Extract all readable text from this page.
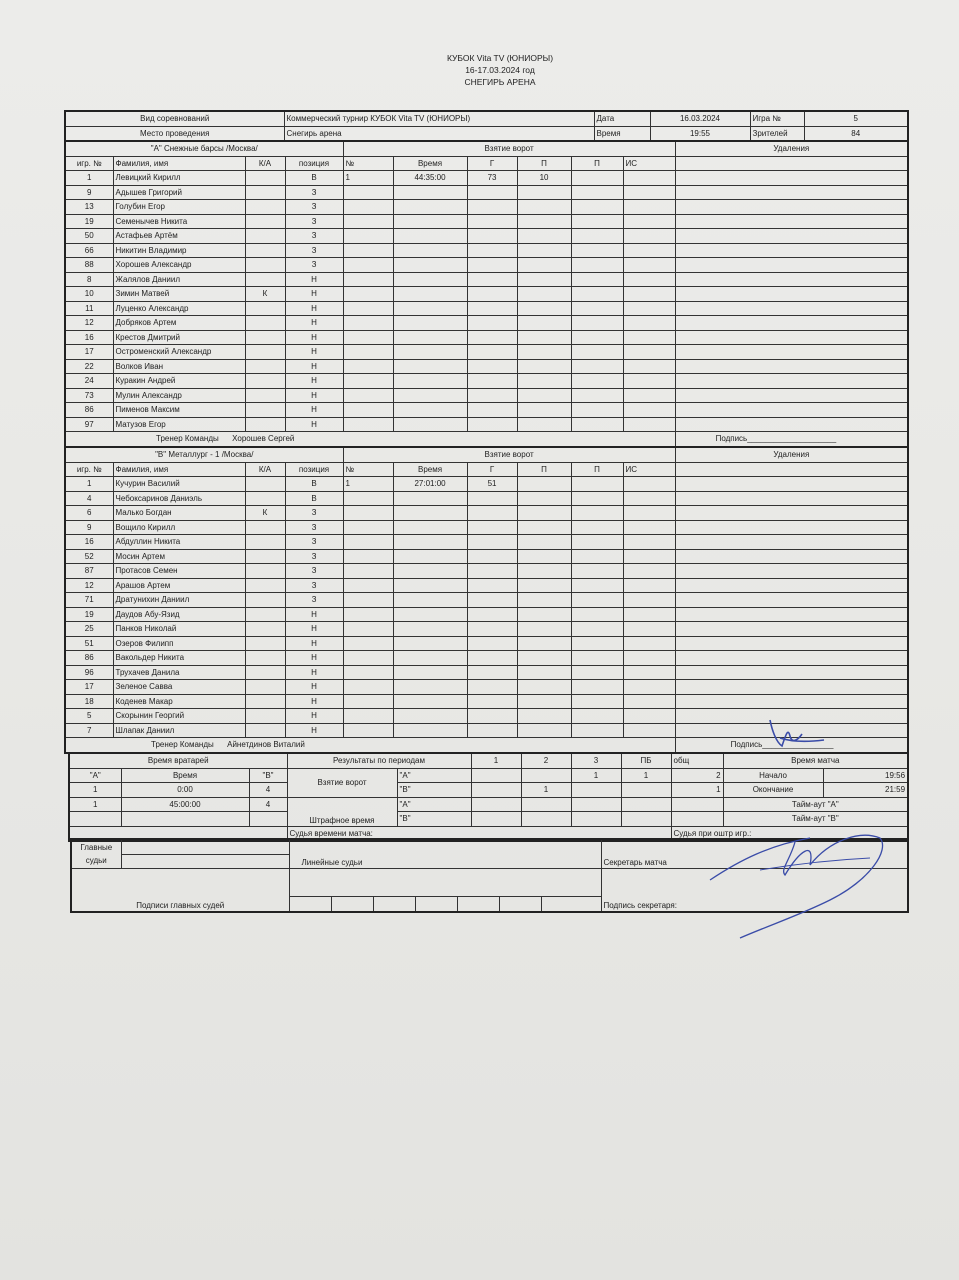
КУБОК Vita TV (ЮНИОРЫ)
16-17.03.2024 год
СНЕГИРЬ АРЕНА
Вид соревнований	Коммерческий турнир КУБОК Vita TV (ЮНИОРЫ)	Дата	16.03.2024	Игра №	5
Место проведения	Снегирь арена	Время	19:55	Зрителей	84
"А" Снежные барсы /Москва/				Взятие ворот						Удаления
игр. №	Фамилия, имя	К/А	позиция	№	Время	Г	П	П	ИС	
1	Левицкий Кирилл		В	1	44:35:00	73	10			
9	Адышев Григорий		З							
13	Голубин Егор		З							
19	Семенычев Никита		З							
50	Астафьев Артём		З							
66	Никитин Владимир		З							
88	Хорошев Александр		З							
8	Жалялов Даниил		Н							
10	Зимин Матвей	К	Н							
11	Луценко Александр		Н							
12	Добряков Артем		Н							
16	Крестов Дмитрий		Н							
17	Остроменский Александр		Н							
22	Волков Иван		Н							
24	Куракин Андрей		Н							
73	Мулин Александр		Н							
86	Пименов Максим		Н							
97	Матузов Егор		Н							
Тренер Команды Хорошев Сергей										Подпись____________________
"В" Металлург - 1 /Москва/				Взятие ворот						Удаления
игр. №	Фамилия, имя	К/А	позиция	№	Время	Г	П	П	ИС	
1	Кучурин Василий		В	1	27:01:00	51				
4	Чебоксаринов Даниэль		В							
6	Малько Богдан	К	З							
9	Вощило Кирилл		З							
16	Абдуллин Никита		З							
52	Мосин Артем		З							
87	Протасов Семен		З							
12	Арашов Артем		З							
71	Дратунихин Даниил		З							
19	Даудов Абу-Язид		Н							
25	Панков Николай		Н							
51	Озеров Филипп		Н							
86	Вакольдер Никита		Н							
96	Трухачев Данила		Н							
17	Зеленое Савва		Н							
18	Коденев Макар		Н							
5	Скорынин Георгий		Н							
7	Шлапак Даниил		Н							
Тренер Команды Айнетдинов Виталий										Подпись________________
Время вратарей			Результаты по периодам		1	2	3	ПБ	общ	Время матча	
"А"	Время	"В"	Взятие ворот	"А"			1	1	2	Начало	19:56
1	0:00	4		"В"		1			1	Окончание	21:59
1	45:00:00	4	Штрафное время	"А"						Тайм-аут "А"	
				"В"						Тайм-аут "В"	
			Судья времени матча:						Судья при оштр игр.:		
Главные судьи		Линейные судьи							Секретарь матча

Подписи главных судей									Подпись секретаря:
